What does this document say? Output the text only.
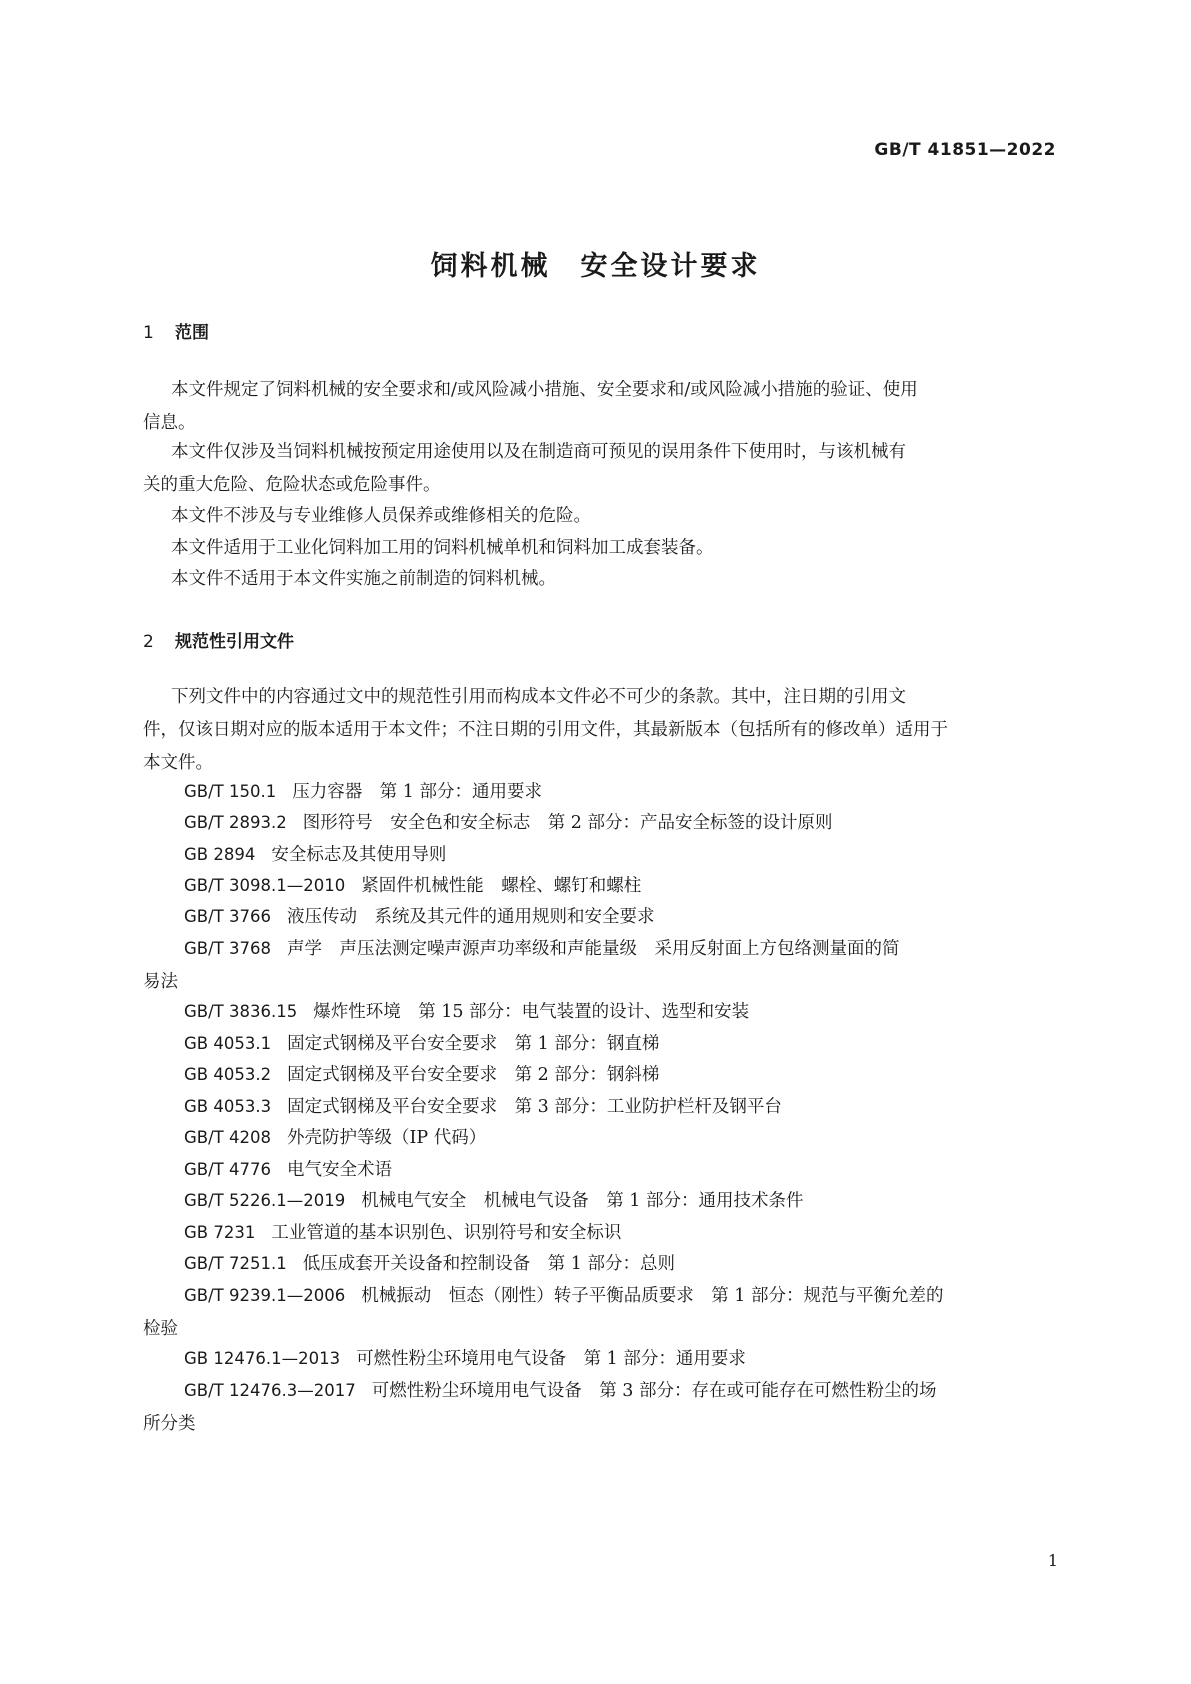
GB/T 41851—2022

饲料机械 安全设计要求
1 范围

本文件规定了饲料机械的安全要求和/或风险减小措施、安全要求和/或风险减小措施的验证、使用
信息。

本文件仅涉及当饲料机械按预定用途使用以及在制造商可预见的误用条件下使用时，与该机械有
关的重大危险、危险状态或危险事件。

本文件不涉及与专业维修人员保养或维修相关的危险。

本文件适用于工业化饲料加工用的饲料机械单机和饲料加工成套装备。

本文件不适用于本文件实施之前制造的饲料机械。

2 规范性引用文件

下列文件中的内容通过文中的规范性引用而构成本文件必不可少的条款。其中，注日期的引用文
件，仅该日期对应的版本适用于本文件；不注日期的引用文件，其最新版本（包括所有的修改单）适用于
本文件。

GB/T 150.1 压力容器　第 1 部分：通用要求

GB/T 2893.2 图形符号　安全色和安全标志　第 2 部分：产品安全标签的设计原则

GB 2894 安全标志及其使用导则

GB/T 3098.1—2010 紧固件机械性能　螺栓、螺钉和螺柱

GB/T 3766 液压传动　系统及其元件的通用规则和安全要求

GB/T 3768 声学　声压法测定噪声源声功率级和声能量级　采用反射面上方包络测量面的简
易法

GB/T 3836.15 爆炸性环境　第 15 部分：电气装置的设计、选型和安装

GB 4053.1 固定式钢梯及平台安全要求　第 1 部分：钢直梯

GB 4053.2 固定式钢梯及平台安全要求　第 2 部分：钢斜梯

GB 4053.3 固定式钢梯及平台安全要求　第 3 部分：工业防护栏杆及钢平台

GB/T 4208 外壳防护等级（IP 代码）

GB/T 4776 电气安全术语

GB/T 5226.1—2019 机械电气安全　机械电气设备　第 1 部分：通用技术条件

GB 7231 工业管道的基本识别色、识别符号和安全标识

GB/T 7251.1 低压成套开关设备和控制设备　第 1 部分：总则

GB/T 9239.1—2006 机械振动　恒态（刚性）转子平衡品质要求　第 1 部分：规范与平衡允差的
检验

GB 12476.1—2013 可燃性粉尘环境用电气设备　第 1 部分：通用要求

GB/T 12476.3—2017 可燃性粉尘环境用电气设备　第 3 部分：存在或可能存在可燃性粉尘的场
所分类

1
